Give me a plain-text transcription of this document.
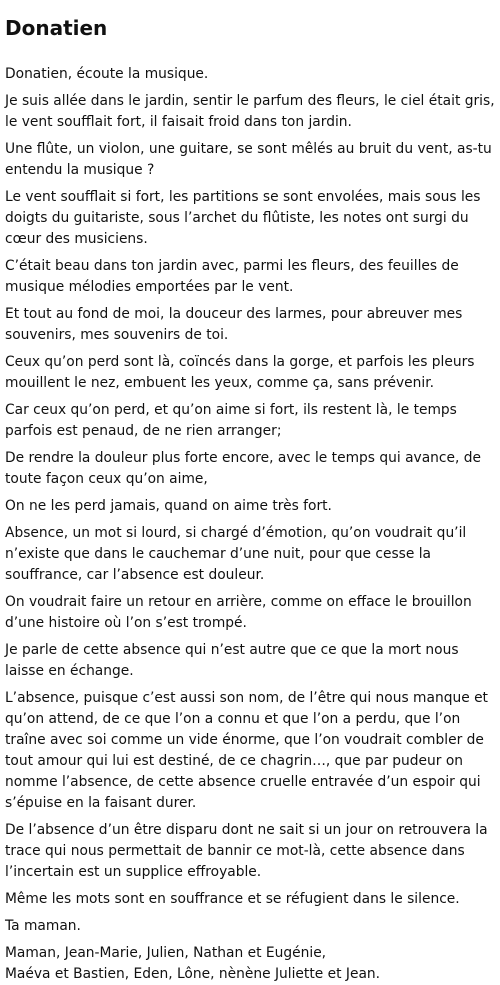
Donatien

Donatien, écoute la musique.

Je suis allée dans le jardin, sentir le parfum des fleurs, le ciel était gris, le vent soufflait fort, il faisait froid dans ton jardin.

Une flûte, un violon, une guitare, se sont mêlés au bruit du vent, as-tu entendu la musique ?

Le vent soufflait si fort, les partitions se sont envolées, mais sous les doigts du guitariste, sous l’archet du flûtiste, les notes ont surgi du cœur des musiciens.

C’était beau dans ton jardin avec, parmi les fleurs, des feuilles de musique mélodies emportées par le vent.

Et tout au fond de moi, la douceur des larmes, pour abreuver mes souvenirs, mes souvenirs de toi.

Ceux qu’on perd sont là, coïncés dans la gorge, et parfois les pleurs mouillent le nez, embuent les yeux, comme ça, sans prévenir.

Car ceux qu’on perd, et qu’on aime si fort, ils restent là, le temps parfois est penaud, de ne rien arranger;

De rendre la douleur plus forte encore, avec le temps qui avance, de toute façon ceux qu’on aime,

On ne les perd jamais, quand on aime très fort.

Absence, un mot si lourd, si chargé d’émotion, qu’on voudrait qu’il n’existe que dans le cauchemar d’une nuit, pour que cesse la souffrance, car l’absence est douleur.

On voudrait faire un retour en arrière, comme on efface le brouillon d’une histoire où l’on s’est trompé.

Je parle de cette absence qui n’est autre que ce que la mort nous laisse en échange.

L’absence, puisque c’est aussi son nom, de l’être qui nous manque et qu’on attend, de ce que l’on a connu et que l’on a perdu, que l’on traîne avec soi comme un vide énorme, que l’on voudrait combler de tout amour qui lui est destiné, de ce chagrin…, que par pudeur on nomme l’absence, de cette absence cruelle entravée d’un espoir qui s’épuise en la faisant durer.

De l’absence d’un être disparu dont ne sait si un jour on retrouvera la trace qui nous permettait de bannir ce mot-là, cette absence dans l’incertain est un supplice effroyable.

Même les mots sont en souffrance et se réfugient dans le silence.

Ta maman.

Maman, Jean-Marie, Julien, Nathan et Eugénie,
Maéva et Bastien, Eden, Lône, nènène Juliette et Jean.
